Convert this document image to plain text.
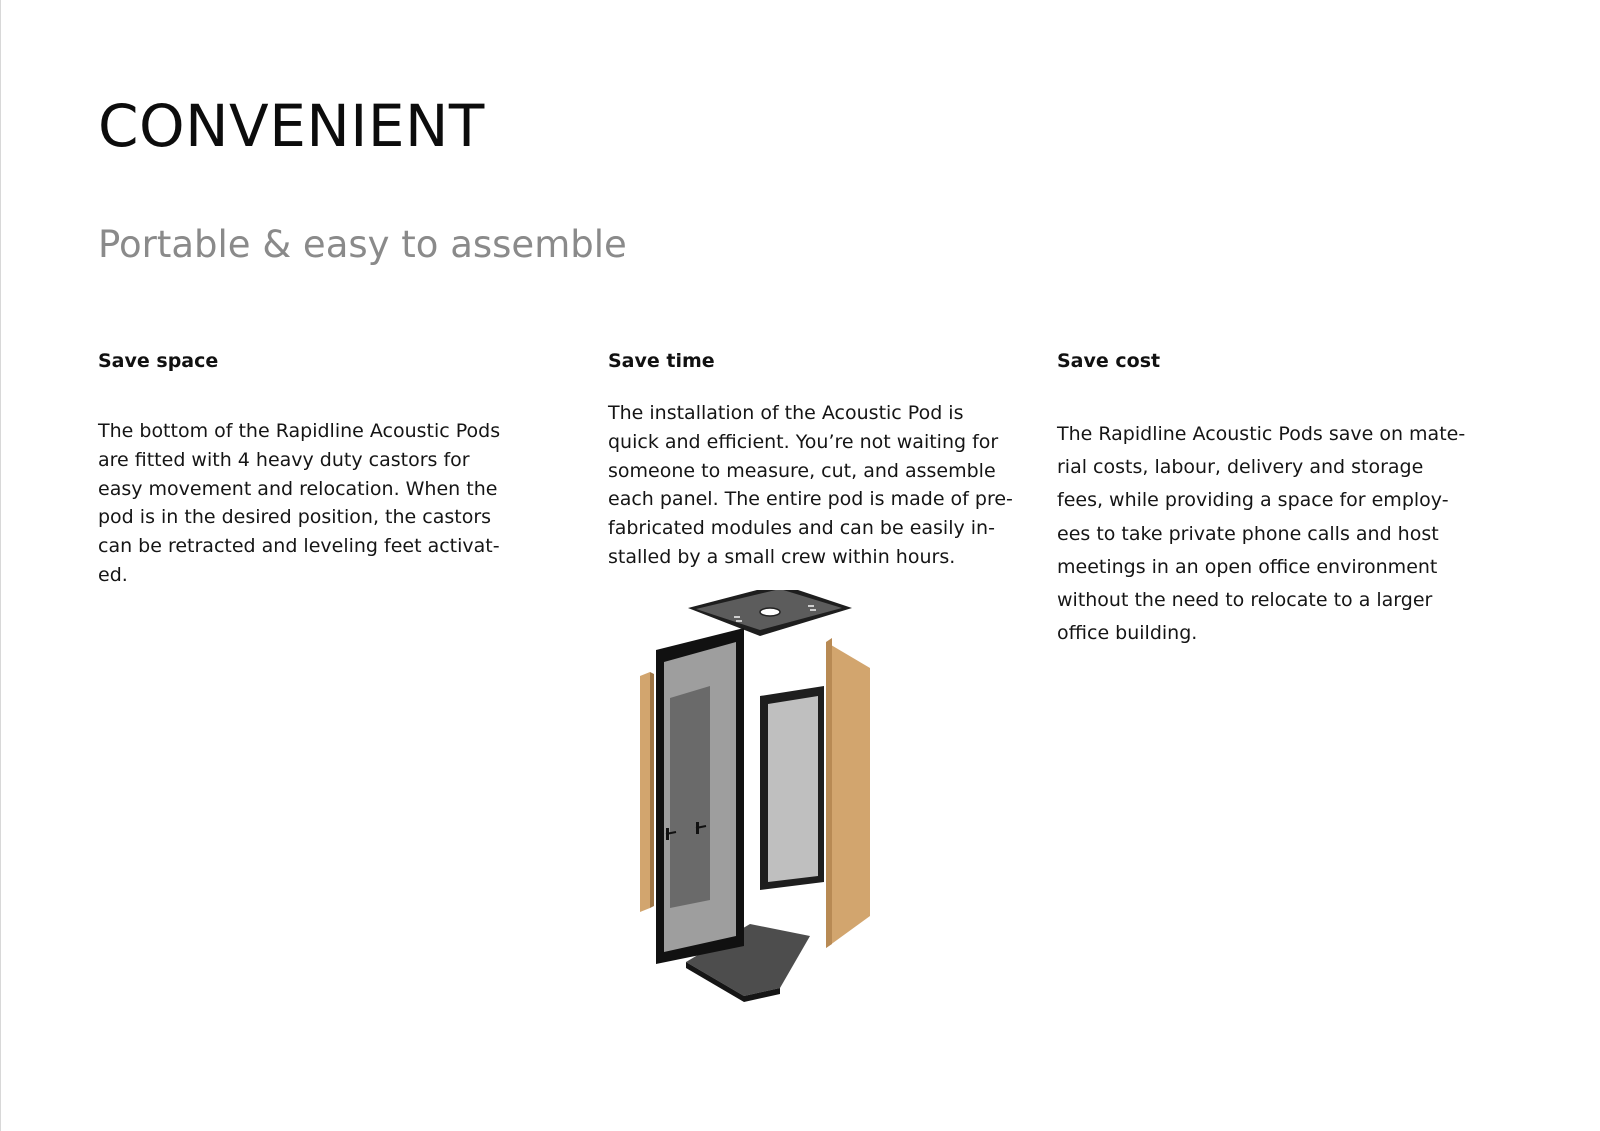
CONVENIENT
Portable & easy to assemble
Save space

The bottom of the Rapidline Acoustic Pods
are fitted with 4 heavy duty castors for
easy movement and relocation. When the
pod is in the desired position, the castors
can be retracted and leveling feet activat-
ed.

Save time

The installation of the Acoustic Pod is
quick and efficient. You’re not waiting for
someone to measure, cut, and assemble
each panel. The entire pod is made of pre-
fabricated modules and can be easily in-
stalled by a small crew within hours.

Save cost

The Rapidline Acoustic Pods save on mate-
rial costs, labour, delivery and storage
fees, while providing a space for employ-
ees to take private phone calls and host
meetings in an open office environment
without the need to relocate to a larger
office building.
